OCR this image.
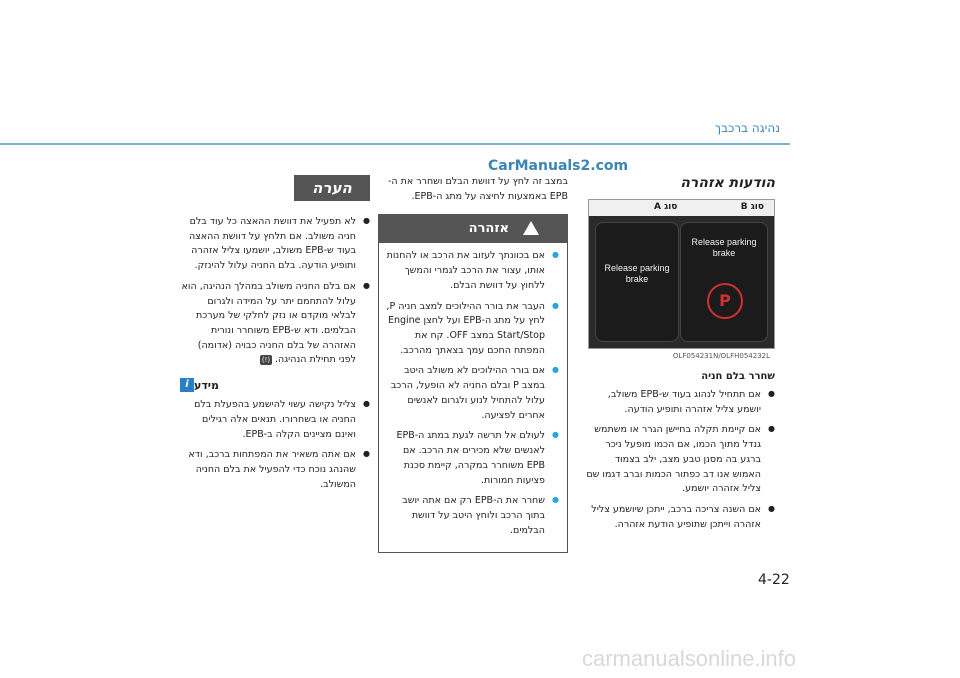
נהיגה ברכבך
CarManuals2.com
4-22
הודעות אזהרה
סוג B
סוג A
Release parking brake
P
Release parking brake
OLF054231N/OLFH054232L
שחרר בלם חניה
● אם תתחיל לנהוג בעוד ש-EPB משולב, יושמע צליל אזהרה ותופיע הודעה.
● אם קיימת תקלה בחיישן הגרר או משתמש גנדל מתוך הכמו, אם הכמו מופעל ניכר ברגע בה מסנן טבע מצב, ילב בצמוד האמוש אנו דב כפתור הכמות וברב דגמו שם צליל אזהרה יושמע.
● אם השנה צריכה ברכב, ייתכן שיושמע צליל אזהרה וייתכן שתופיע הודעת אזהרה.
במצב זה לחץ על דוושת הבלם ושחרר את ה-EPB באמצעות לחיצה על מתג ה-EPB.
אזהרה
● אם בכוונתך לעזוב את הרכב או להחנות אותו, עצור את הרכב לגמרי והמשך ללחוץ על דוושת הבלם.
● העבר את בורר ההילוכים למצב חניה P, לחץ על מתג ה-EPB ועל לחצן Engine Start/Stop במצב OFF. קח את המפתח החכם עמך בצאתך מהרכב.
● אם בורר ההילוכים לא משולב היטב במצב P ובלם החניה לא הופעל, הרכב עלול להתחיל לנוע ולגרום לאנשים אחרים לפציעה.
● לעולם אל תרשה לגעת במתג ה-EPB לאנשים שלא מכירים את הרכב. אם EPB משוחרר במקרה, קיימת סכנת פציעות חמורות.
● שחרר את ה-EPB רק אם אתה יושב בתוך הרכב ולוחץ היטב על דוושת הבלמים.
הערה
● לא תפעיל את דוושת ההאצה כל עוד בלם חניה משולב. אם תלחץ על דוושת ההאצה בעוד ש-EPB משולב, יושמעו צליל אזהרה ותופיע הודעה. בלם החניה עלול להינזק.
● אם בלם החניה משולב במהלך הנהיגה, הוא עלול להתחמם יתר על המידה ולגרום לבלאי מוקדם או נזק לחלקי של מערכת הבלמים. ודא ש-EPB משוחרר ונורית האזהרה של בלם החניה כבויה (אדומה) לפני תחילת הנהיגה. (!)
מידע
i
● צליל נקישה עשוי להישמע בהפעלת בלם החניה או בשחרורו. תנאים אלה רגילים ואינם מציינים הקלה ב-EPB.
● אם אתה משאיר את המפתחות ברכב, ודא שהנהג נוכח כדי להפעיל את בלם החניה המשולב.
carmanualsonline.info
